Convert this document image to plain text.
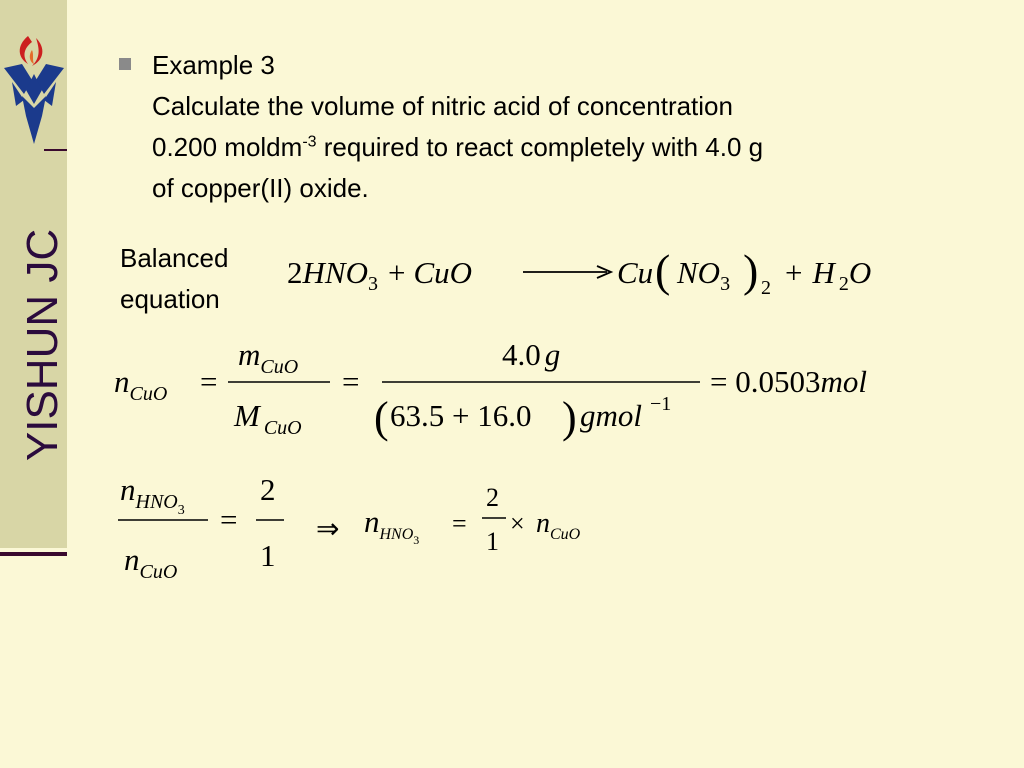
YISHUN JC
Example 3
Calculate the volume of nitric acid of concentration
0.200 moldm$^{-3}$ required to react completely with 4.0 g
of copper(II) oxide.
Balanced
equation
$2HNO_3$ + CuO	Cu ( $NO_3$ ) 2 + H $_2$O
$n_{CuO}$ =
$m_{CuO}$
M $_{CuO}$
=
4.0 g
( 63.5 + 16.0 ) gmol −1
= 0.0503mol
$n_{HNO}3$
$n_{CuO}$
=
2
1
⇒ $n_{HNO}3$
=
2
1
× $n_{CuO}$
